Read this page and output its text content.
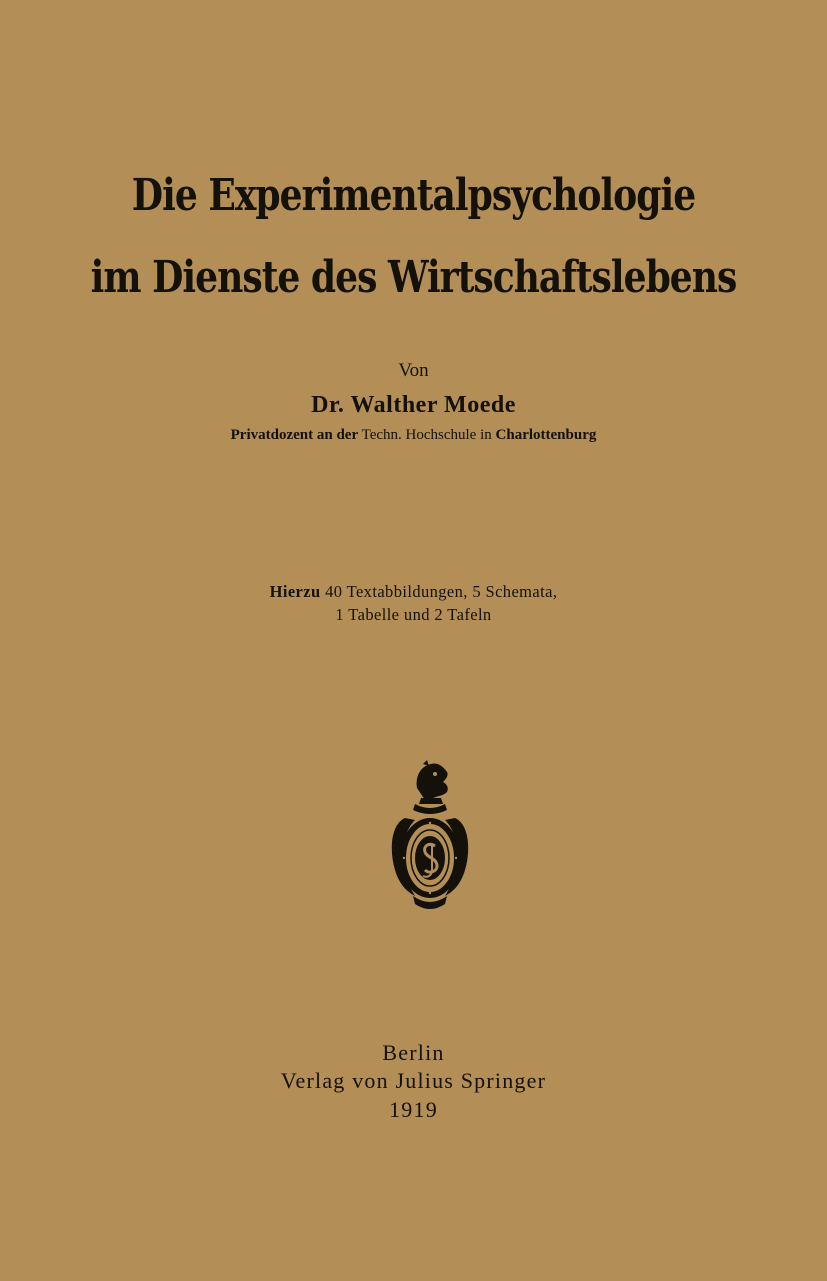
Die Experimentalpsychologie
im Dienste des Wirtschaftslebens
Von
Dr. Walther Moede
Privatdozent an der Techn. Hochschule in Charlottenburg
Hierzu 40 Textabbildungen, 5 Schemata,
1 Tabelle und 2 Tafeln
Berlin
Verlag von Julius Springer
1919
